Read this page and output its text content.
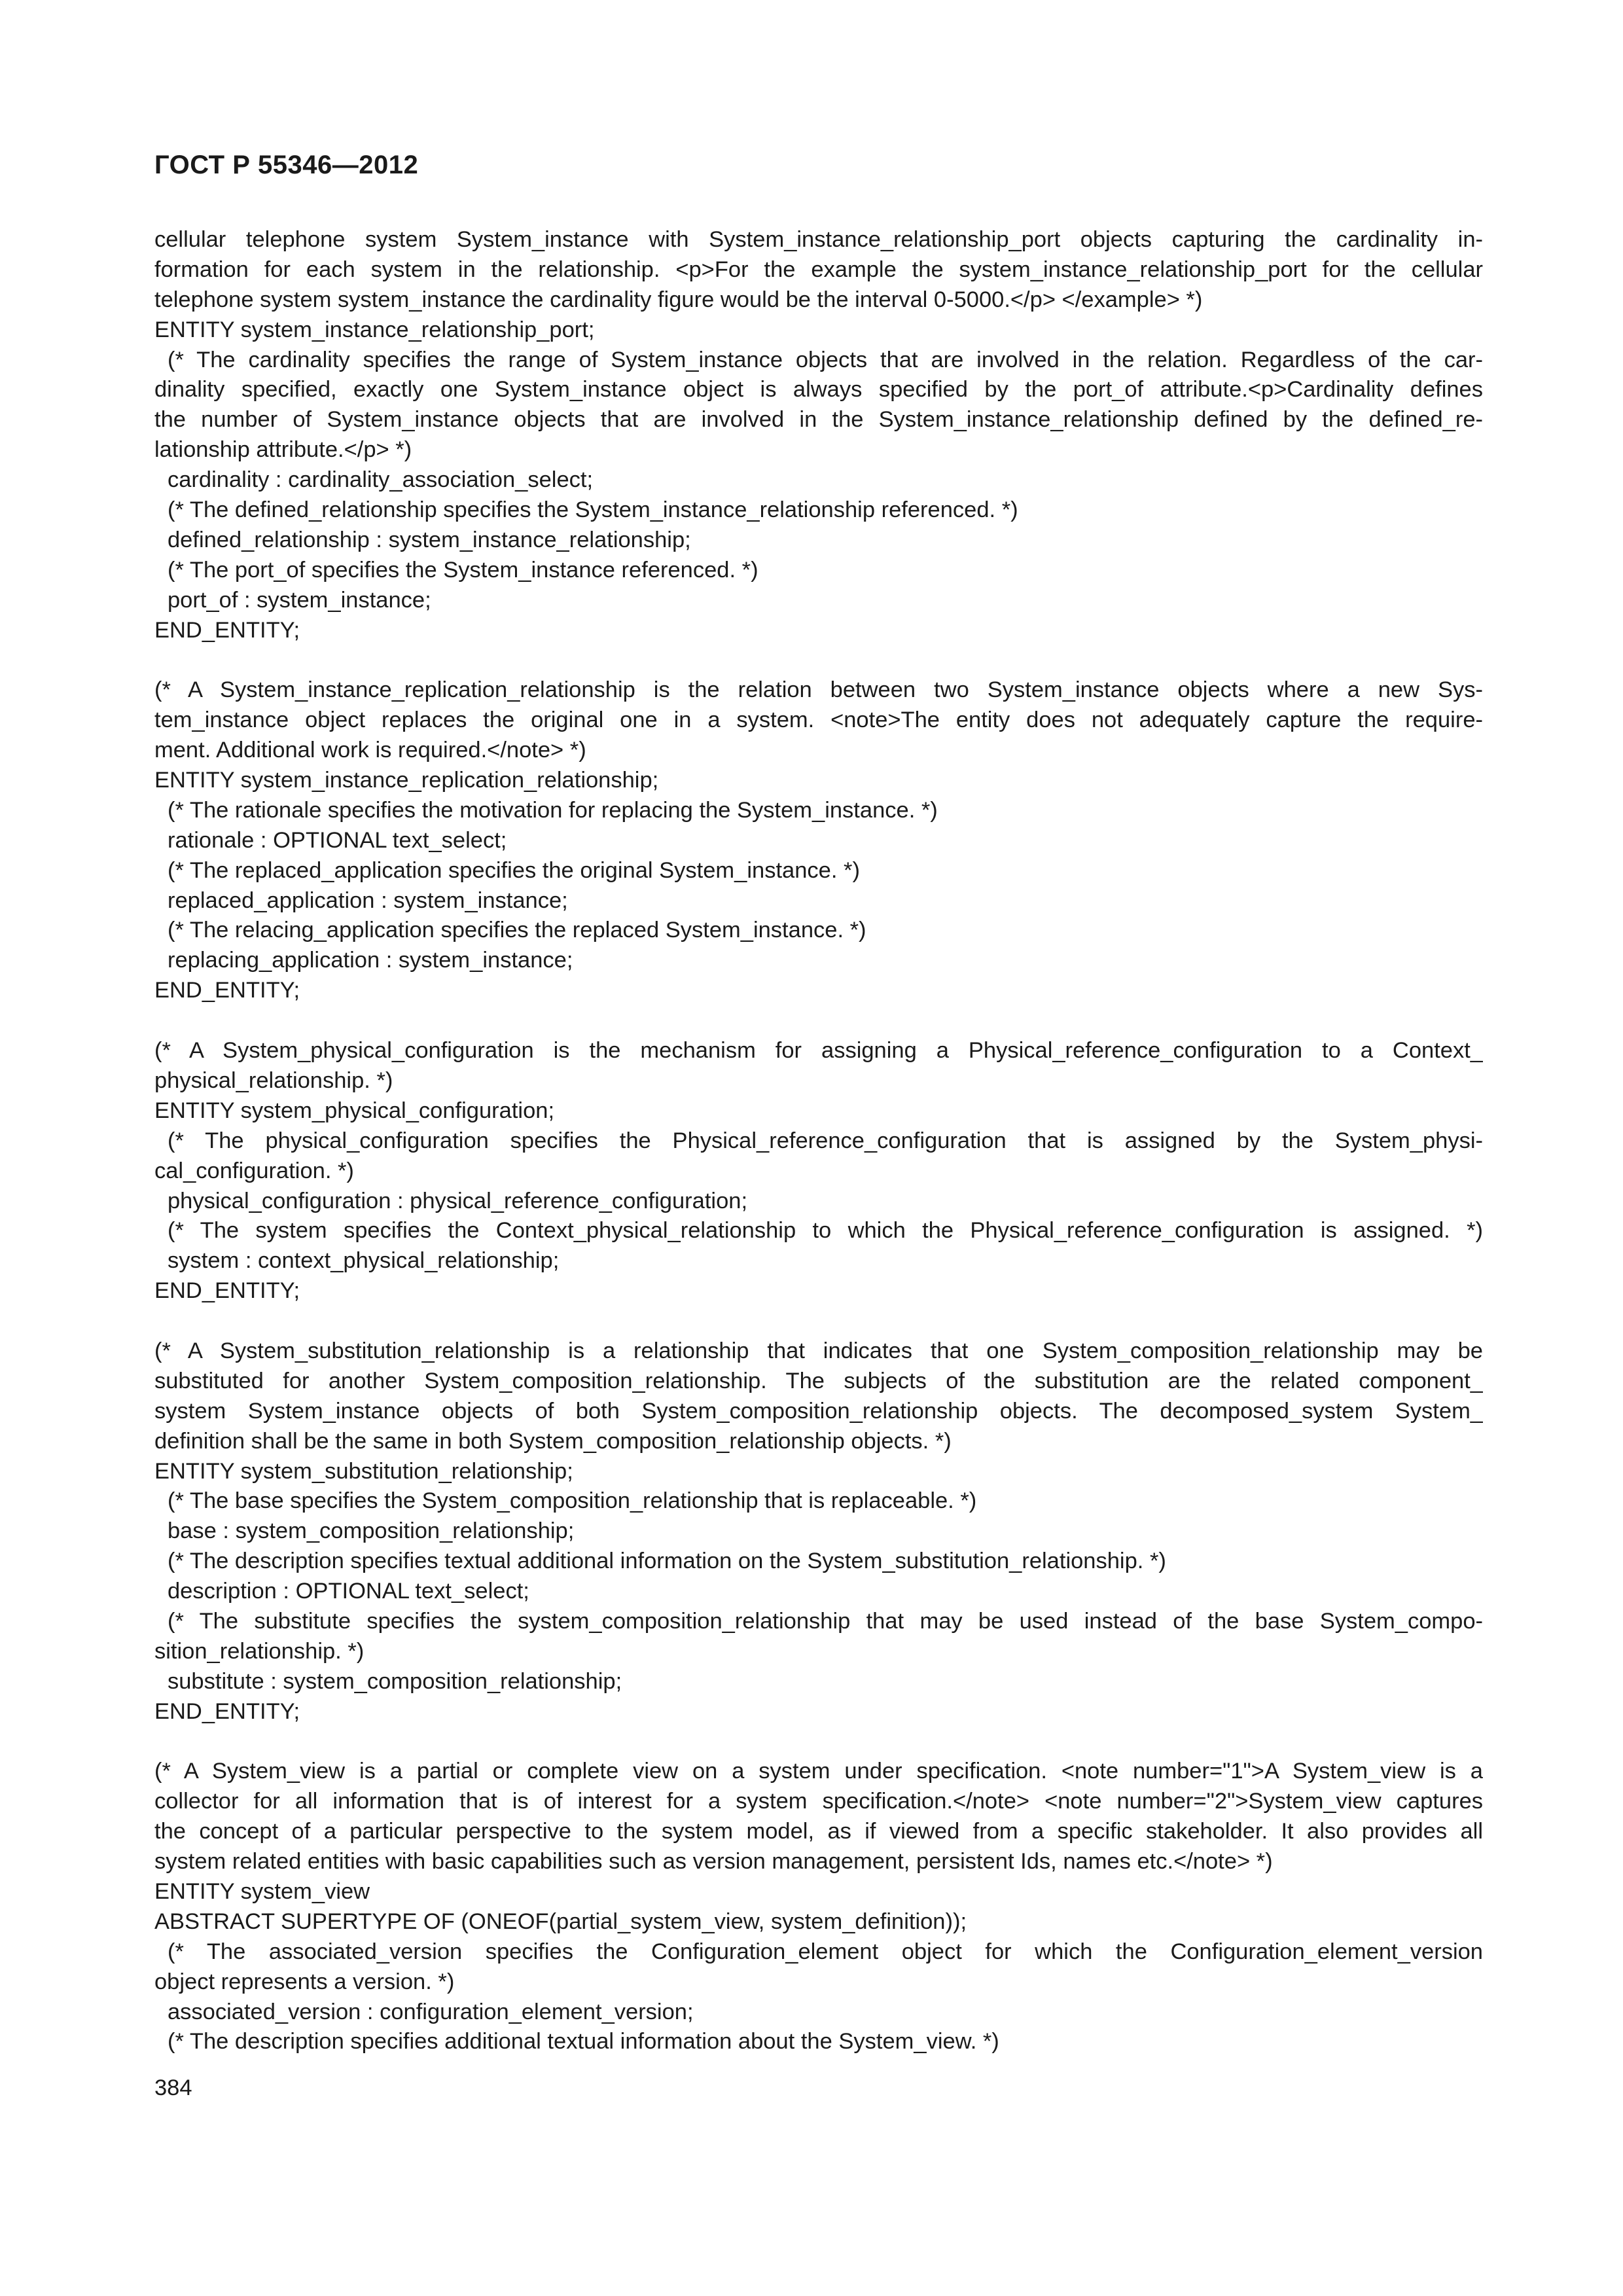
ГОСТ Р 55346—2012
cellular telephone system System_instance with System_instance_relationship_port objects capturing the cardinality in-
formation for each system in the relationship. <p>For the example the system_instance_relationship_port for the cellular
telephone system system_instance the cardinality figure would be the interval 0-5000.</p> </example> *)
ENTITY system_instance_relationship_port;
(* The cardinality specifies the range of System_instance objects that are involved in the relation. Regardless of the car-
dinality specified, exactly one System_instance object is always specified by the port_of attribute.<p>Cardinality defines
the number of System_instance objects that are involved in the System_instance_relationship defined by the defined_re-
lationship attribute.</p> *)
cardinality : cardinality_association_select;
(* The defined_relationship specifies the System_instance_relationship referenced. *)
defined_relationship : system_instance_relationship;
(* The port_of specifies the System_instance referenced. *)
port_of : system_instance;
END_ENTITY;
(* A System_instance_replication_relationship is the relation between two System_instance objects where a new Sys-
tem_instance object replaces the original one in a system. <note>The entity does not adequately capture the require-
ment. Additional work is required.</note> *)
ENTITY system_instance_replication_relationship;
(* The rationale specifies the motivation for replacing the System_instance. *)
rationale : OPTIONAL text_select;
(* The replaced_application specifies the original System_instance. *)
replaced_application : system_instance;
(* The relacing_application specifies the replaced System_instance. *)
replacing_application : system_instance;
END_ENTITY;
(* A System_physical_configuration is the mechanism for assigning a Physical_reference_configuration to a Context_
physical_relationship. *)
ENTITY system_physical_configuration;
(* The physical_configuration specifies the Physical_reference_configuration that is assigned by the System_physi-
cal_configuration. *)
physical_configuration : physical_reference_configuration;
(* The system specifies the Context_physical_relationship to which the Physical_reference_configuration is assigned. *)
system : context_physical_relationship;
END_ENTITY;
(* A System_substitution_relationship is a relationship that indicates that one System_composition_relationship may be
substituted for another System_composition_relationship. The subjects of the substitution are the related component_
system System_instance objects of both System_composition_relationship objects. The decomposed_system System_
definition shall be the same in both System_composition_relationship objects. *)
ENTITY system_substitution_relationship;
(* The base specifies the System_composition_relationship that is replaceable. *)
base : system_composition_relationship;
(* The description specifies textual additional information on the System_substitution_relationship. *)
description : OPTIONAL text_select;
(* The substitute specifies the system_composition_relationship that may be used instead of the base System_compo-
sition_relationship. *)
substitute : system_composition_relationship;
END_ENTITY;
(* A System_view is a partial or complete view on a system under specification. <note number="1">A System_view is a
collector for all information that is of interest for a system specification.</note> <note number="2">System_view captures
the concept of a particular perspective to the system model, as if viewed from a specific stakeholder. It also provides all
system related entities with basic capabilities such as version management, persistent Ids, names etc.</note> *)
ENTITY system_view
ABSTRACT SUPERTYPE OF (ONEOF(partial_system_view, system_definition));
(* The associated_version specifies the Configuration_element object for which the Configuration_element_version
object represents a version. *)
associated_version : configuration_element_version;
(* The description specifies additional textual information about the System_view. *)
384
